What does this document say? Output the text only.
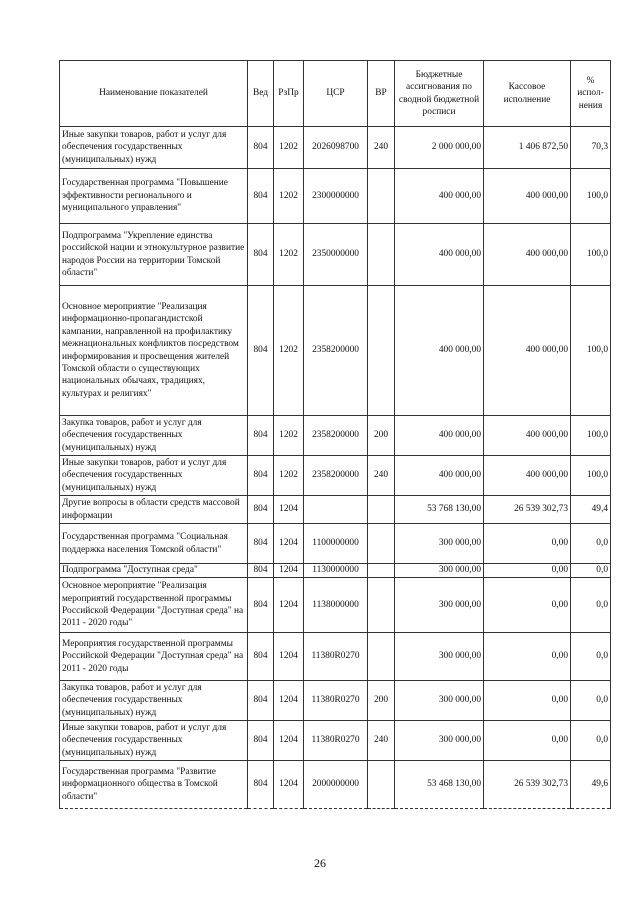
Наименование показателей	Вед	РзПр	ЦСР	ВР	Бюджетные ассигнования по сводной бюджетной росписи	Кассовое исполнение	% испол-нения
Иные закупки товаров, работ и услуг для обеспечения государственных (муниципальных) нужд	804	1202	2026098700	240	2 000 000,00	1 406 872,50	70,3
Государственная программа "Повышение эффективности регионального и муниципального управления"	804	1202	2300000000		400 000,00	400 000,00	100,0
Подпрограмма "Укрепление единства российской нации и этнокультурное развитие народов России на территории Томской области"	804	1202	2350000000		400 000,00	400 000,00	100,0
Основное мероприятие "Реализация информационно-пропагандистской кампании, направленной на профилактику межнациональных конфликтов посредством информирования и просвещения жителей Томской области о существующих национальных обычаях, традициях, культурах и религиях"	804	1202	2358200000		400 000,00	400 000,00	100,0
Закупка товаров, работ и услуг для обеспечения государственных (муниципальных) нужд	804	1202	2358200000	200	400 000,00	400 000,00	100,0
Иные закупки товаров, работ и услуг для обеспечения государственных (муниципальных) нужд	804	1202	2358200000	240	400 000,00	400 000,00	100,0
Другие вопросы в области средств массовой информации	804	1204			53 768 130,00	26 539 302,73	49,4
Государственная программа "Социальная поддержка населения Томской области"	804	1204	1100000000		300 000,00	0,00	0,0
Подпрограмма "Доступная среда"	804	1204	1130000000		300 000,00	0,00	0,0
Основное мероприятие "Реализация мероприятий государственной программы Российской Федерации "Доступная среда" на 2011 - 2020 годы"	804	1204	1138000000		300 000,00	0,00	0,0
Мероприятия государственной программы Российской Федерации "Доступная среда" на 2011 - 2020 годы	804	1204	11380R0270		300 000,00	0,00	0,0
Закупка товаров, работ и услуг для обеспечения государственных (муниципальных) нужд	804	1204	11380R0270	200	300 000,00	0,00	0,0
Иные закупки товаров, работ и услуг для обеспечения государственных (муниципальных) нужд	804	1204	11380R0270	240	300 000,00	0,00	0,0
Государственная программа "Развитие информационного общества в Томской области"	804	1204	2000000000		53 468 130,00	26 539 302,73	49,6
26
